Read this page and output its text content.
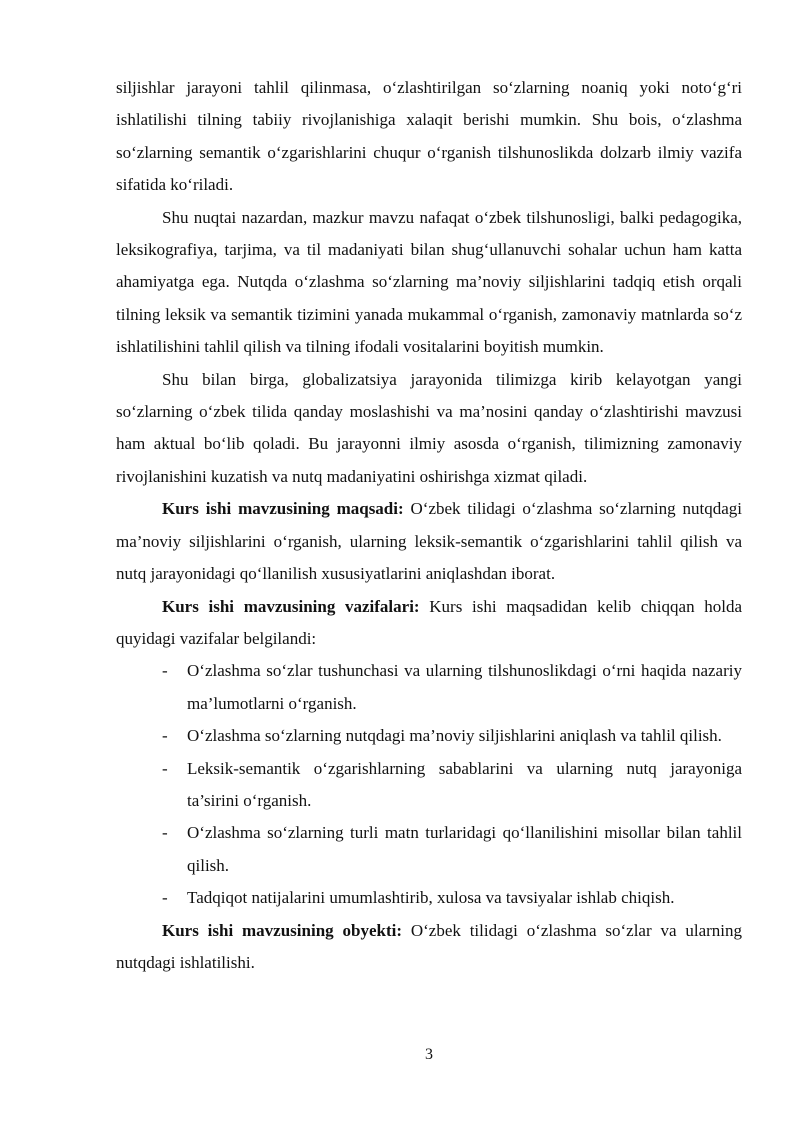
siljishlar jarayoni tahlil qilinmasa, o‘zlashtirilgan so‘zlarning noaniq yoki noto‘g‘ri ishlatilishi tilning tabiiy rivojlanishiga xalaqit berishi mumkin. Shu bois, o‘zlashma so‘zlarning semantik o‘zgarishlarini chuqur o‘rganish tilshunoslikda dolzarb ilmiy vazifa sifatida ko‘riladi.

Shu nuqtai nazardan, mazkur mavzu nafaqat o‘zbek tilshunosligi, balki pedagogika, leksikografiya, tarjima, va til madaniyati bilan shug‘ullanuvchi sohalar uchun ham katta ahamiyatga ega. Nutqda o‘zlashma so‘zlarning ma’noviy siljishlarini tadqiq etish orqali tilning leksik va semantik tizimini yanada mukammal o‘rganish, zamonaviy matnlarda so‘z ishlatilishini tahlil qilish va tilning ifodali vositalarini boyitish mumkin.

Shu bilan birga, globalizatsiya jarayonida tilimizga kirib kelayotgan yangi so‘zlarning o‘zbek tilida qanday moslashishi va ma’nosini qanday o‘zlashtirishi mavzusi ham aktual bo‘lib qoladi. Bu jarayonni ilmiy asosda o‘rganish, tilimizning zamonaviy rivojlanishini kuzatish va nutq madaniyatini oshirishga xizmat qiladi.

Kurs ishi mavzusining maqsadi: O‘zbek tilidagi o‘zlashma so‘zlarning nutqdagi ma’noviy siljishlarini o‘rganish, ularning leksik-semantik o‘zgarishlarini tahlil qilish va nutq jarayonidagi qo‘llanilish xususiyatlarini aniqlashdan iborat.

Kurs ishi mavzusining vazifalari: Kurs ishi maqsadidan kelib chiqqan holda quyidagi vazifalar belgilandi:

- O‘zlashma so‘zlar tushunchasi va ularning tilshunoslikdagi o‘rni haqida nazariy ma’lumotlarni o‘rganish.
- O‘zlashma so‘zlarning nutqdagi ma’noviy siljishlarini aniqlash va tahlil qilish.
- Leksik-semantik o‘zgarishlarning sabablarini va ularning nutq jarayoniga ta’sirini o‘rganish.
- O‘zlashma so‘zlarning turli matn turlaridagi qo‘llanilishini misollar bilan tahlil qilish.
- Tadqiqot natijalarini umumlashtirib, xulosa va tavsiyalar ishlab chiqish.

Kurs ishi mavzusining obyekti: O‘zbek tilidagi o‘zlashma so‘zlar va ularning nutqdagi ishlatilishi.

3
